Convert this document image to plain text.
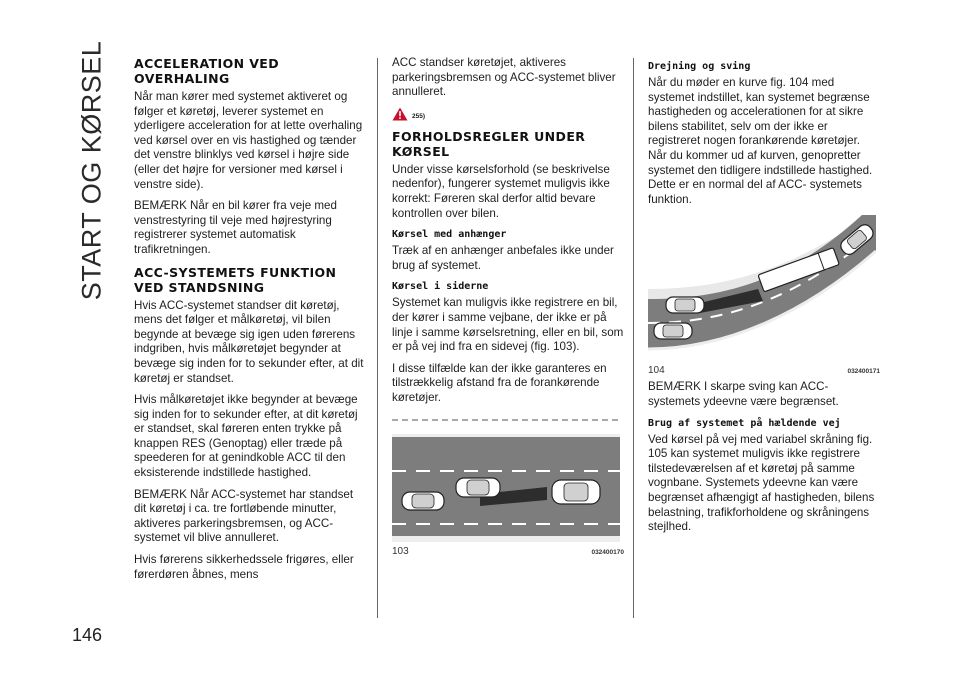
START OG KØRSEL ACCELERATION VED OVERHALING

Når man kører med systemet aktiveret og følger et køretøj, leverer systemet en yderligere acceleration for at lette overhaling ved kørsel over en vis hastighed og tænder det venstre blinklys ved kørsel i højre side (eller det højre for versioner med kørsel i venstre side).

BEMÆRK Når en bil kører fra veje med venstrestyring til veje med højrestyring registrerer systemet automatisk trafikretningen.

ACC-SYSTEMETS FUNKTION VED STANDSNING

Hvis ACC-systemet standser dit køretøj, mens det følger et målkøretøj, vil bilen begynde at bevæge sig igen uden førerens indgriben, hvis målkøretøjet begynder at bevæge sig inden for to sekunder efter, at dit køretøj er standset.

Hvis målkøretøjet ikke begynder at bevæge sig inden for to sekunder efter, at dit køretøj er standset, skal føreren enten trykke på knappen RES (Genoptag) eller træde på speederen for at genindkoble ACC til den eksisterende indstillede hastighed.

BEMÆRK Når ACC-systemet har standset dit køretøj i ca. tre fortløbende minutter, aktiveres parkeringsbremsen, og ACC-systemet vil blive annulleret.

Hvis førerens sikkerhedssele frigøres, eller førerdøren åbnes, mens

ACC standser køretøjet, aktiveres parkeringsbremsen og ACC-systemet bliver annulleret.

255)
FORHOLDSREGLER UNDER KØRSEL

Under visse kørselsforhold (se beskrivelse nedenfor), fungerer systemet muligvis ikke korrekt: Føreren skal derfor altid bevare kontrollen over bilen.

Kørsel med anhænger

Træk af en anhænger anbefales ikke under brug af systemet.

Kørsel i siderne

Systemet kan muligvis ikke registrere en bil, der kører i samme vejbane, der ikke er på linje i samme kørselsretning, eller en bil, som er på vej ind fra en sidevej (fig. 103).

I disse tilfælde kan der ikke garanteres en tilstrækkelig afstand fra de forankørende køretøjer.

103	032400170
Drejning og sving

Når du møder en kurve fig. 104 med systemet indstillet, kan systemet begrænse hastigheden og accelerationen for at sikre bilens stabilitet, selv om der ikke er registreret nogen forankørende køretøjer. Når du kommer ud af kurven, genopretter systemet den tidligere indstillede hastighed. Dette er en normal del af ACC- systemets funktion.

104	032400171

BEMÆRK I skarpe sving kan ACC-systemets ydeevne være begrænset.

Brug af systemet på hældende vej

Ved kørsel på vej med variabel skråning fig. 105 kan systemet muligvis ikke registrere tilstedeværelsen af et køretøj på samme vognbane. Systemets ydeevne kan være begrænset afhængigt af hastigheden, bilens belastning, trafikforholdene og skråningens stejlhed.

146
